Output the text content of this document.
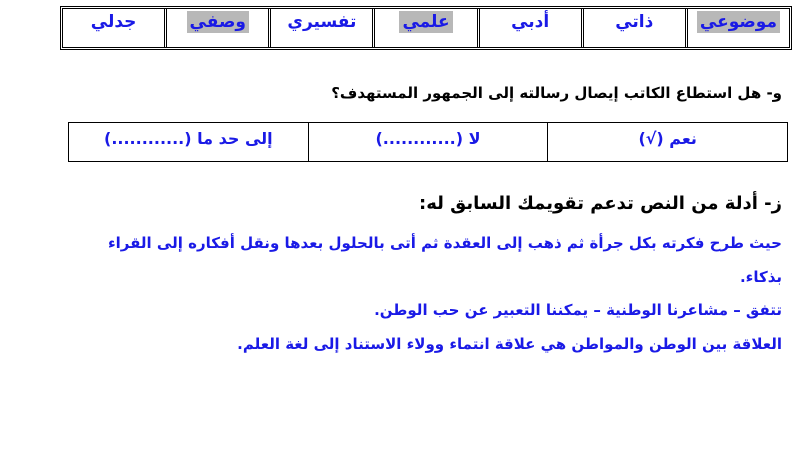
موضوعي
ذاتي
أدبي
علمي
تفسيري
وصفي
جدلي
و- هل استطاع الكاتب إيصال رسالته إلى الجمهور المستهدف؟
نعم (√)
لا (............)
إلى حد ما (............)
ز- أدلة من النص تدعم تقويمك السابق له:
حيث طرح فكرته بكل جرأة ثم ذهب إلى العقدة ثم أتى بالحلول بعدها ونقل أفكاره إلى القراء
بذكاء.
تتفق – مشاعرنا الوطنية – يمكننا التعبير عن حب الوطن.
العلاقة بين الوطن والمواطن هي علاقة انتماء وولاء الاستناد إلى لغة العلم.
